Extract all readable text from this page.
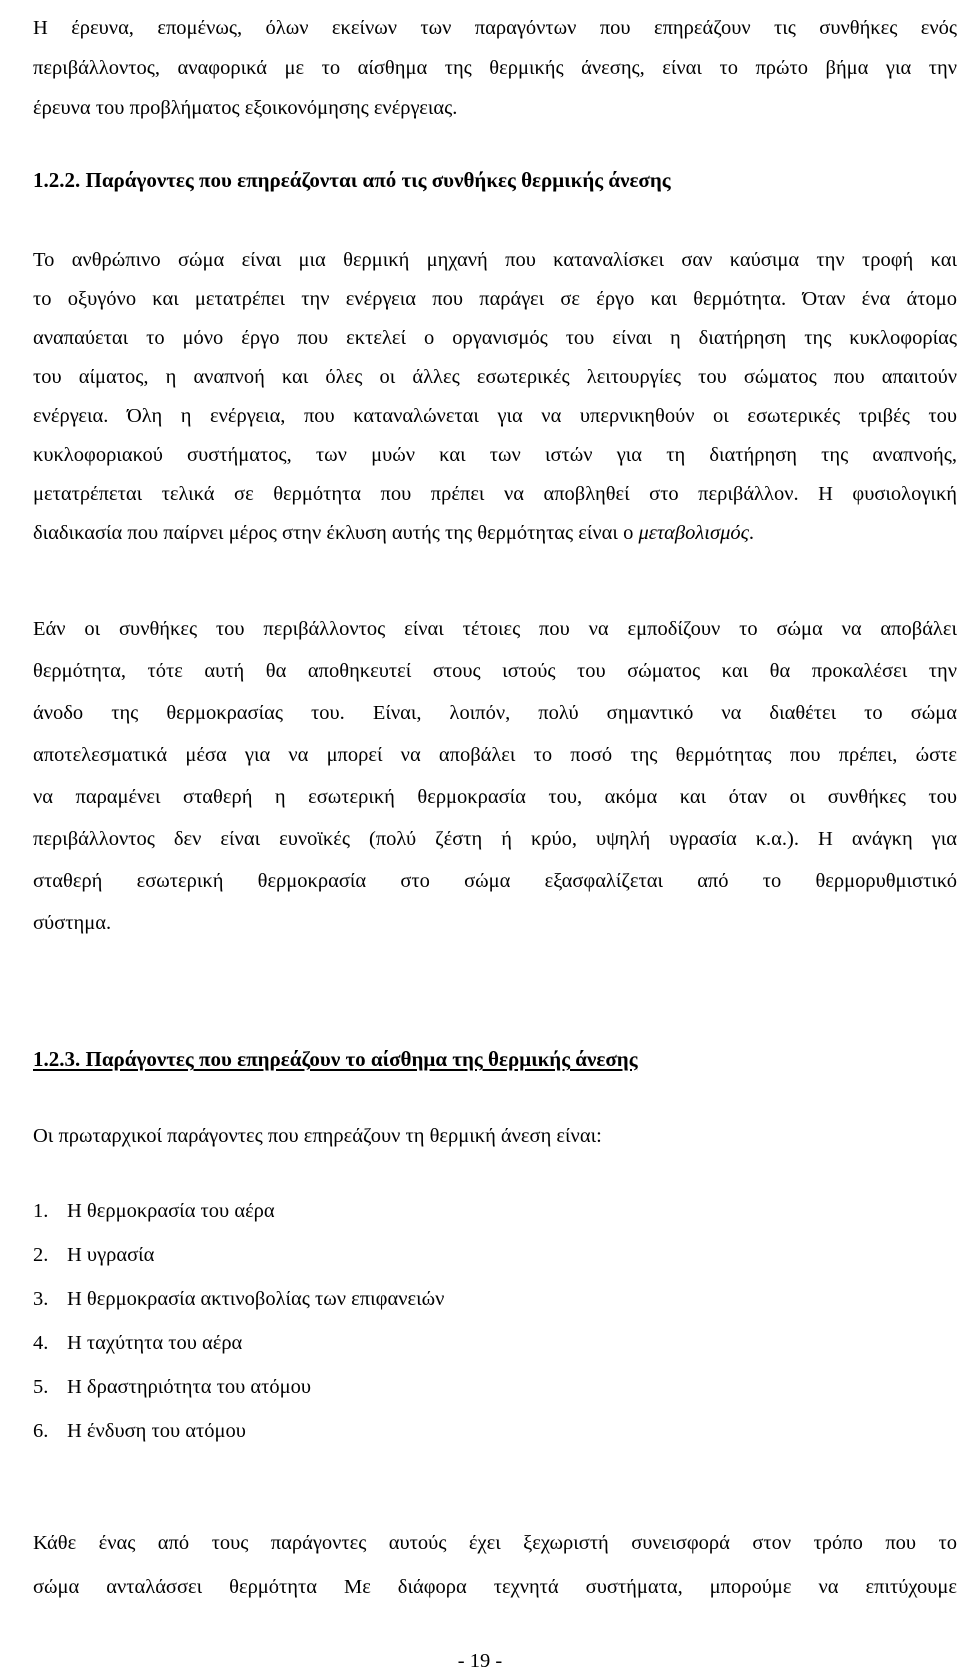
Η έρευνα, επομένως, όλων εκείνων των παραγόντων που επηρεάζουν τις συνθήκες ενός
περιβάλλοντος, αναφορικά με το αίσθημα της θερμικής άνεσης, είναι το πρώτο βήμα για την
έρευνα του προβλήματος εξοικονόμησης ενέργειας.
1.2.2. Παράγοντες που επηρεάζονται από τις συνθήκες θερμικής άνεσης
Το ανθρώπινο σώμα είναι μια θερμική μηχανή που καταναλίσκει σαν καύσιμα την τροφή και
το οξυγόνο και μετατρέπει την ενέργεια που παράγει σε έργο και θερμότητα. Όταν ένα άτομο
αναπαύεται το μόνο έργο που εκτελεί ο οργανισμός του είναι η διατήρηση της κυκλοφορίας
του αίματος, η αναπνοή και όλες οι άλλες εσωτερικές λειτουργίες του σώματος που απαιτούν
ενέργεια. Όλη η ενέργεια, που καταναλώνεται για να υπερνικηθούν οι εσωτερικές τριβές του
κυκλοφοριακού συστήματος, των μυών και των ιστών για τη διατήρηση της αναπνοής,
μετατρέπεται τελικά σε θερμότητα που πρέπει να αποβληθεί στο περιβάλλον. Η φυσιολογική
διαδικασία που παίρνει μέρος στην έκλυση αυτής της θερμότητας είναι ο μεταβολισμός.
Εάν οι συνθήκες του περιβάλλοντος είναι τέτοιες που να εμποδίζουν το σώμα να αποβάλει
θερμότητα, τότε αυτή θα αποθηκευτεί στους ιστούς του σώματος και θα προκαλέσει την
άνοδο της θερμοκρασίας του. Είναι, λοιπόν, πολύ σημαντικό να διαθέτει το σώμα
αποτελεσματικά μέσα για να μπορεί να αποβάλει το ποσό της θερμότητας που πρέπει, ώστε
να παραμένει σταθερή η εσωτερική θερμοκρασία του, ακόμα και όταν οι συνθήκες του
περιβάλλοντος δεν είναι ευνοϊκές (πολύ ζέστη ή κρύο, υψηλή υγρασία κ.α.). Η ανάγκη για
σταθερή εσωτερική θερμοκρασία στο σώμα εξασφαλίζεται από το θερμορυθμιστικό
σύστημα.
1.2.3. Παράγοντες που επηρεάζουν το αίσθημα της θερμικής άνεσης
Οι πρωταρχικοί παράγοντες που επηρεάζουν τη θερμική άνεση είναι:
1. Η θερμοκρασία του αέρα
2. Η υγρασία
3. Η θερμοκρασία ακτινοβολίας των επιφανειών
4. Η ταχύτητα του αέρα
5. Η δραστηριότητα του ατόμου
6. Η ένδυση του ατόμου
Κάθε ένας από τους παράγοντες αυτούς έχει ξεχωριστή συνεισφορά στον τρόπο που το
σώμα ανταλάσσει θερμότητα Με διάφορα τεχνητά συστήματα, μπορούμε να επιτύχουμε
- 19 -
